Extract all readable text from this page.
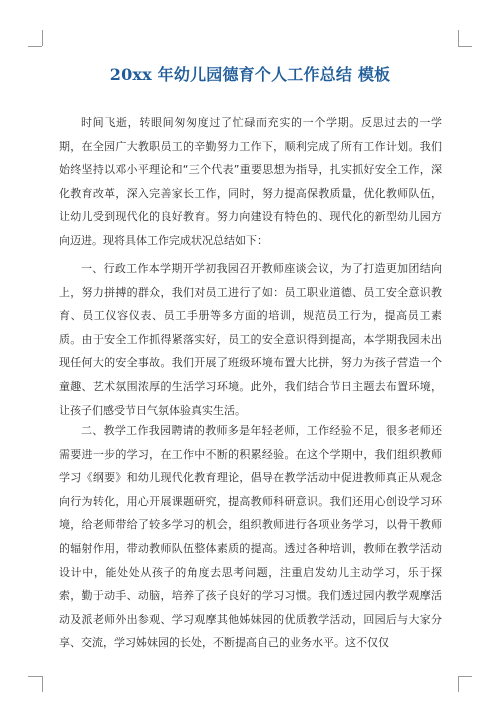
20xx 年幼儿园德育个人工作总结 模板

时间飞逝，转眼间匆匆度过了忙碌而充实的一个学期。反思过去的一学期，在全园广大教职员工的辛勤努力工作下，顺利完成了所有工作计划。我们始终坚持以邓小平理论和“三个代表”重要思想为指导，扎实抓好安全工作，深化教育改革，深入完善家长工作，同时，努力提高保教质量，优化教师队伍，让幼儿受到现代化的良好教育。努力向建设有特色的、现代化的新型幼儿园方向迈进。现将具体工作完成状况总结如下：

一、行政工作本学期开学初我园召开教师座谈会议，为了打造更加团结向上，努力拼搏的群众，我们对员工进行了如：员工职业道德、员工安全意识教育、员工仪容仪表、员工手册等多方面的培训，规范员工行为，提高员工素质。由于安全工作抓得紧落实好，员工的安全意识得到提高，本学期我园未出现任何大的安全事故。我们开展了班级环境布置大比拼，努力为孩子营造一个童趣、艺术氛围浓厚的生活学习环境。此外，我们结合节日主题去布置环境，让孩子们感受节日气氛体验真实生活。

二、教学工作我园聘请的教师多是年轻老师，工作经验不足，很多老师还需要进一步的学习，在工作中不断的积累经验。在这个学期中，我们组织教师学习《纲要》和幼儿现代化教育理论，倡导在教学活动中促进教师真正从观念向行为转化，用心开展课题研究，提高教师科研意识。我们还用心创设学习环境，给老师带给了较多学习的机会，组织教师进行各项业务学习，以骨干教师的辐射作用，带动教师队伍整体素质的提高。透过各种培训，教师在教学活动设计中，能处处从孩子的角度去思考问题，注重启发幼儿主动学习，乐于探索，勤于动手、动脑，培养了孩子良好的学习习惯。我们透过园内教学观摩活动及派老师外出参观、学习观摩其他姊妹园的优质教学活动，回园后与大家分享、交流，学习姊妹园的长处，不断提高自己的业务水平。这不仅仅
